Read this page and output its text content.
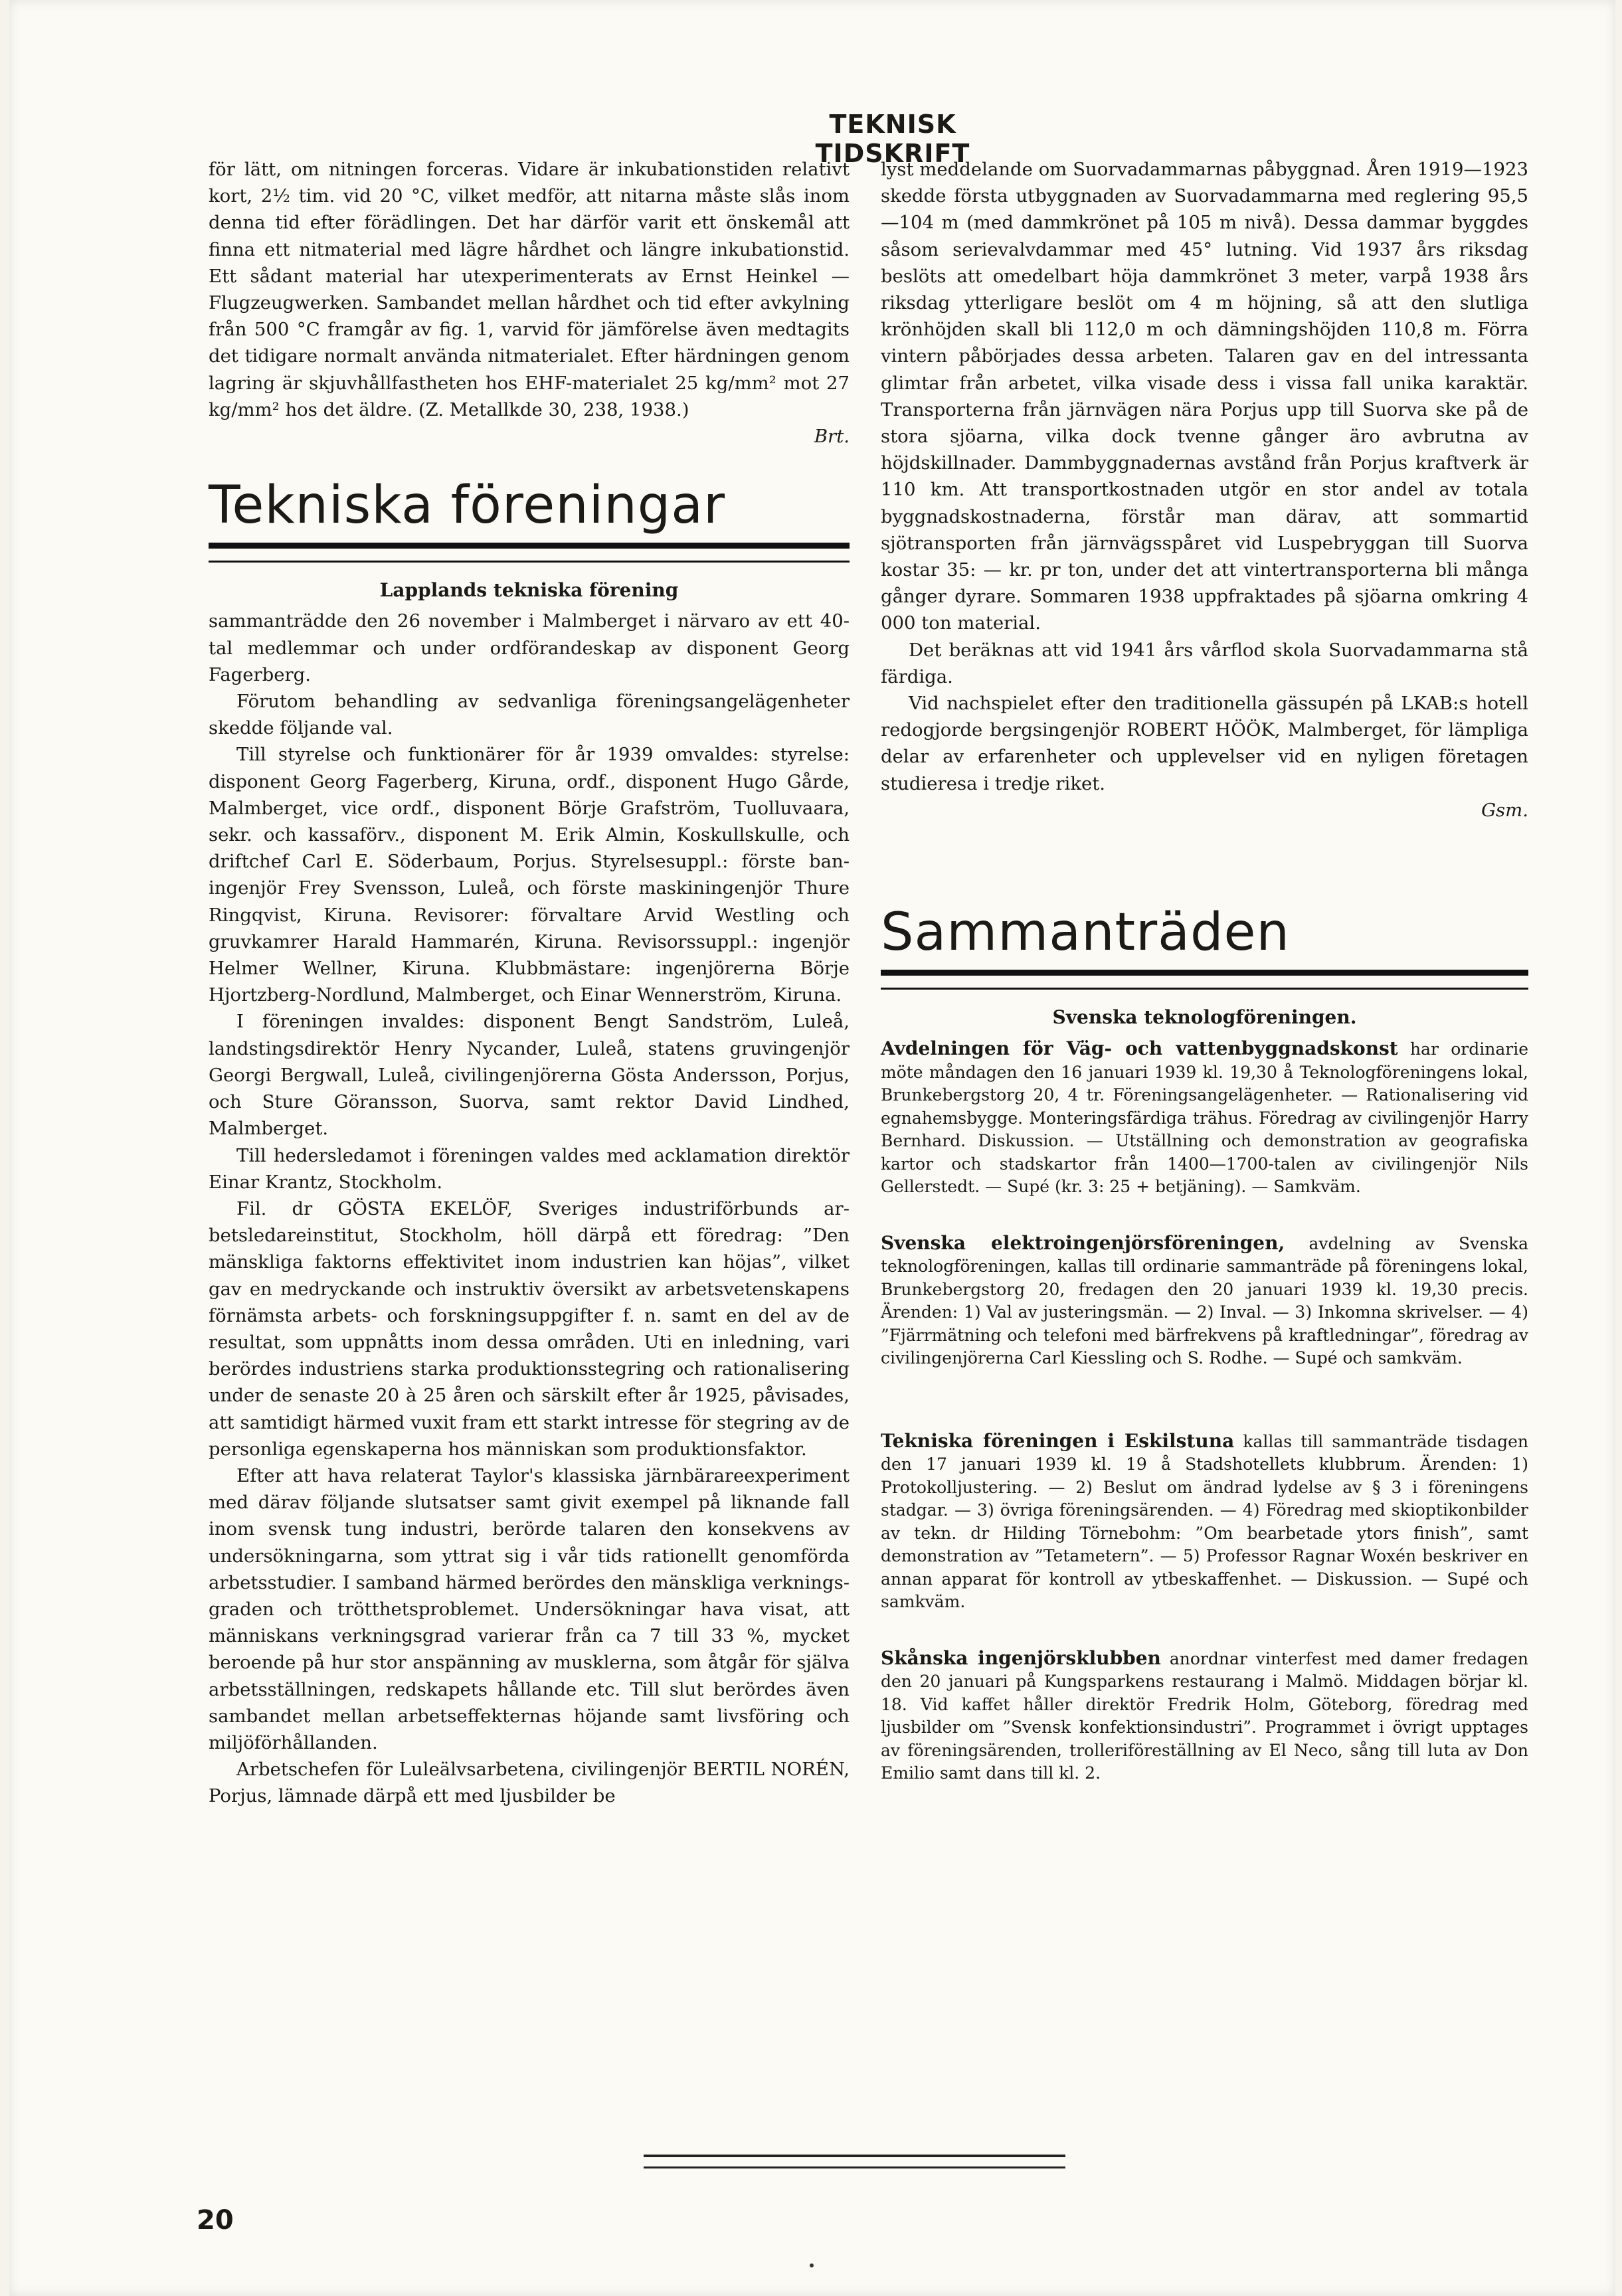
TEKNISK TIDSKRIFT

för lätt, om nitningen forceras. Vidare är inkubationstiden relativt kort, 2½ tim. vid 20 °C, vilket medför, att nitarna måste slås inom denna tid efter förädlingen. Det har därför varit ett önskemål att finna ett nitmaterial med lägre hårdhet och längre inkubationstid. Ett sådant material har utexperimenterats av Ernst Heinkel — Flugzeugwerken. Sambandet mellan hårdhet och tid efter avkylning från 500 °C framgår av fig. 1, varvid för jämförelse även medtagits det tidigare normalt använda nitmaterialet. Efter härdningen genom lagring är skjuvhållfastheten hos EHF-materialet 25 kg/mm² mot 27 kg/mm² hos det äldre. (Z. Metallkde 30, 238, 1938.)

Brt.
Tekniska föreningar
Lapplands tekniska förening

sammanträdde den 26 november i Malmberget i närvaro av ett 40-tal medlemmar och under ordförandeskap av disponent Georg Fagerberg.

Förutom behandling av sedvanliga föreningsangelägenheter skedde följande val.

Till styrelse och funktionärer för år 1939 omvaldes: styrelse: disponent Georg Fagerberg, Kiruna, ordf., disponent Hugo Gårde, Malmberget, vice ordf., disponent Börje Grafström, Tuolluvaara, sekr. och kassaförv., disponent M. Erik Almin, Koskullskulle, och driftchef Carl E. Söderbaum, Porjus. Styrelsesuppl.: förste baningenjör Frey Svensson, Luleå, och förste maskiningenjör Thure Ringqvist, Kiruna. Revisorer: förvaltare Arvid Westling och gruvkamrer Harald Hammarén, Kiruna. Revisorssuppl.: ingenjör Helmer Wellner, Kiruna. Klubbmästare: ingenjörerna Börje Hjortzberg-Nordlund, Malmberget, och Einar Wennerström, Kiruna.

I föreningen invaldes: disponent Bengt Sandström, Luleå, landstingsdirektör Henry Nycander, Luleå, statens gruvingenjör Georgi Bergwall, Luleå, civilingenjörerna Gösta Andersson, Porjus, och Sture Göransson, Suorva, samt rektor David Lindhed, Malmberget.

Till hedersledamot i föreningen valdes med acklamation direktör Einar Krantz, Stockholm.

Fil. dr GÖSTA EKELÖF, Sveriges industriförbunds arbetsledareinstitut, Stockholm, höll därpå ett föredrag: ”Den mänskliga faktorns effektivitet inom industrien kan höjas”, vilket gav en medryckande och instruktiv översikt av arbetsvetenskapens förnämsta arbets- och forskningsuppgifter f. n. samt en del av de resultat, som uppnåtts inom dessa områden. Uti en inledning, vari berördes industriens starka produktionsstegring och rationalisering under de senaste 20 à 25 åren och särskilt efter år 1925, påvisades, att samtidigt härmed vuxit fram ett starkt intresse för stegring av de personliga egenskaperna hos människan som produktionsfaktor.

Efter att hava relaterat Taylor's klassiska järnbärareexperiment med därav följande slutsatser samt givit exempel på liknande fall inom svensk tung industri, berörde talaren den konsekvens av undersökningarna, som yttrat sig i vår tids rationellt genomförda arbetsstudier. I samband härmed berördes den mänskliga verkningsgraden och trötthetsproblemet. Undersökningar hava visat, att människans verkningsgrad varierar från ca 7 till 33 %, mycket beroende på hur stor anspänning av musklerna, som åtgår för själva arbetsställningen, redskapets hållande etc. Till slut berördes även sambandet mellan arbetseffekternas höjande samt livsföring och miljöförhållanden.

Arbetschefen för Luleälvsarbetena, civilingenjör BERTIL NORÉN, Porjus, lämnade därpå ett med ljusbilder be

lyst meddelande om Suorvadammarnas påbyggnad. Åren 1919—1923 skedde första utbyggnaden av Suorvadammarna med reglering 95,5—104 m (med dammkrönet på 105 m nivå). Dessa dammar byggdes såsom serievalvdammar med 45° lutning. Vid 1937 års riksdag beslöts att omedelbart höja dammkrönet 3 meter, varpå 1938 års riksdag ytterligare beslöt om 4 m höjning, så att den slutliga krönhöjden skall bli 112,0 m och dämningshöjden 110,8 m. Förra vintern påbörjades dessa arbeten. Talaren gav en del intressanta glimtar från arbetet, vilka visade dess i vissa fall unika karaktär. Transporterna från järnvägen nära Porjus upp till Suorva ske på de stora sjöarna, vilka dock tvenne gånger äro avbrutna av höjdskillnader. Dammbyggnadernas avstånd från Porjus kraftverk är 110 km. Att transportkostnaden utgör en stor andel av totala byggnadskostnaderna, förstår man därav, att sommartid sjötransporten från järnvägsspåret vid Luspebryggan till Suorva kostar 35: — kr. pr ton, under det att vintertransporterna bli många gånger dyrare. Sommaren 1938 uppfraktades på sjöarna omkring 4 000 ton material.

Det beräknas att vid 1941 års vårflod skola Suorvadammarna stå färdiga.

Vid nachspielet efter den traditionella gässupén på LKAB:s hotell redogjorde bergsingenjör ROBERT HÖÖK, Malmberget, för lämpliga delar av erfarenheter och upplevelser vid en nyligen företagen studieresa i tredje riket.

Gsm.
Sammanträden
Svenska teknologföreningen.

Avdelningen för Väg- och vattenbyggnadskonst har ordinarie möte måndagen den 16 januari 1939 kl. 19,30 å Teknologföreningens lokal, Brunkebergstorg 20, 4 tr. Föreningsangelägenheter. — Rationalisering vid egnahemsbygge. Monteringsfärdiga trähus. Föredrag av civilingenjör Harry Bernhard. Diskussion. — Utställning och demonstration av geografiska kartor och stadskartor från 1400—1700-talen av civilingenjör Nils Gellerstedt. — Supé (kr. 3: 25 + betjäning). — Samkväm.

Svenska elektroingenjörsföreningen, avdelning av Svenska teknologföreningen, kallas till ordinarie sammanträde på föreningens lokal, Brunkebergstorg 20, fredagen den 20 januari 1939 kl. 19,30 precis. Ärenden: 1) Val av justeringsmän. — 2) Inval. — 3) Inkomna skrivelser. — 4) ”Fjärrmätning och telefoni med bärfrekvens på kraftledningar”, föredrag av civilingenjörerna Carl Kiessling och S. Rodhe. — Supé och samkväm.

Tekniska föreningen i Eskilstuna kallas till sammanträde tisdagen den 17 januari 1939 kl. 19 å Stadshotellets klubbrum. Ärenden: 1) Protokolljustering. — 2) Beslut om ändrad lydelse av § 3 i föreningens stadgar. — 3) övriga föreningsärenden. — 4) Föredrag med skioptikonbilder av tekn. dr Hilding Törnebohm: ”Om bearbetade ytors finish”, samt demonstration av ”Tetametern”. — 5) Professor Ragnar Woxén beskriver en annan apparat för kontroll av ytbeskaffenhet. — Diskussion. — Supé och samkväm.

Skånska ingenjörsklubben anordnar vinterfest med damer fredagen den 20 januari på Kungsparkens restaurang i Malmö. Middagen börjar kl. 18. Vid kaffet håller direktör Fredrik Holm, Göteborg, föredrag med ljusbilder om ”Svensk konfektionsindustri”. Programmet i övrigt upptages av föreningsärenden, trolleriföreställning av El Neco, sång till luta av Don Emilio samt dans till kl. 2.

20
